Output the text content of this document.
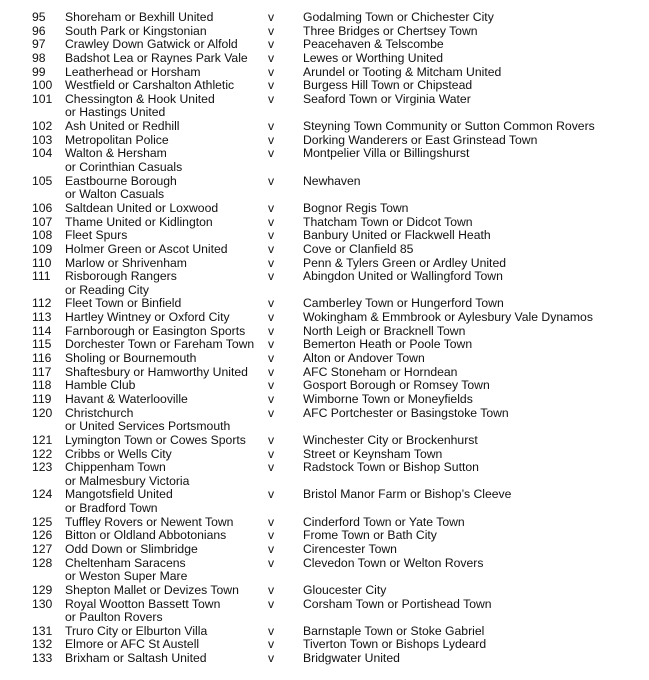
95 Shoreham or Bexhill United	v Godalming Town or Chichester City
96 South Park or Kingstonian	v Three Bridges or Chertsey Town
97 Crawley Down Gatwick or Alfold v Peacehaven & Telscombe
98 Badshot Lea or Raynes Park Vale v Lewes or Worthing United
99 Leatherhead or Horsham	v Arundel or Tooting & Mitcham United
100 Westfield or Carshalton Athletic	v Burgess Hill Town or Chipstead
101 Chessington & Hook United	v Seaford Town or Virginia Water
or Hastings United
102 Ash United or Redhill	v Steyning Town Community or Sutton Common Rovers
103 Metropolitan Police	v Dorking Wanderers or East Grinstead Town
104 Walton & Hersham	v Montpelier Villa or Billingshurst
or Corinthian Casuals
105 Eastbourne Borough	v Newhaven
or Walton Casuals
106 Saltdean United or Loxwood	v Bognor Regis Town
107 Thame United or Kidlington	v Thatcham Town or Didcot Town
108 Fleet Spurs	v Banbury United or Flackwell Heath
109 Holmer Green or Ascot United	v Cove or Clanfield 85
110 Marlow or Shrivenham	v Penn & Tylers Green or Ardley United
111 Risborough Rangers	v Abingdon United or Wallingford Town
or Reading City
112 Fleet Town or Binfield	v Camberley Town or Hungerford Town
113 Hartley Wintney or Oxford City	v Wokingham & Emmbrook or Aylesbury Vale Dynamos
114 Farnborough or Easington Sports v North Leigh or Bracknell Town
115 Dorchester Town or Fareham Town v Bemerton Heath or Poole Town
116 Sholing or Bournemouth	v Alton or Andover Town
117 Shaftesbury or Hamworthy United v AFC Stoneham or Horndean
118 Hamble Club	v Gosport Borough or Romsey Town
119 Havant & Waterlooville	v Wimborne Town or Moneyfields
120 Christchurch	v AFC Portchester or Basingstoke Town
or United Services Portsmouth
121 Lymington Town or Cowes Sports v Winchester City or Brockenhurst
122 Cribbs or Wells City	v Street or Keynsham Town
123 Chippenham Town	v Radstock Town or Bishop Sutton
or Malmesbury Victoria
124 Mangotsfield United	v Bristol Manor Farm or Bishop’s Cleeve
or Bradford Town
125 Tuffley Rovers or Newent Town	v Cinderford Town or Yate Town
126 Bitton or Oldland Abbotonians	v Frome Town or Bath City
127 Odd Down or Slimbridge	v Cirencester Town
128 Cheltenham Saracens	v Clevedon Town or Welton Rovers
or Weston Super Mare
129 Shepton Mallet or Devizes Town v Gloucester City
130 Royal Wootton Bassett Town	v Corsham Town or Portishead Town
or Paulton Rovers
131 Truro City or Elburton Villa	v Barnstaple Town or Stoke Gabriel
132 Elmore or AFC St Austell	v Tiverton Town or Bishops Lydeard
133 Brixham or Saltash United	v Bridgwater United
